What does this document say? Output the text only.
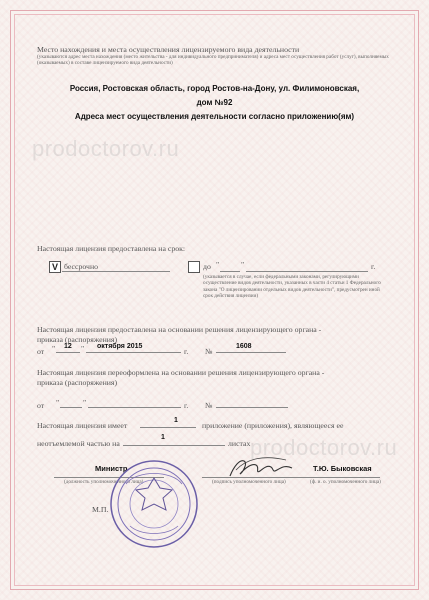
Место нахождения и места осуществления лицензируемого вида деятельности
(указываются адрес места нахождения (место жительства - для индивидуального предпринимателя) и адреса мест осуществления работ (услуг), выполняемых (оказываемых) в составе лицензируемого вида деятельности)
Россия, Ростовская область, город Ростов-на-Дону, ул. Филимоновская,
дом №92
Адреса мест осуществления деятельности согласно приложению(ям)
prodoctorov.ru
Настоящая лицензия предоставлена на срок:
V бессрочно	до "	"	г.
(указывается в случае, если федеральными законами, регулирующими осуществление видов деятельности, указанных в части 4 статьи 1 Федерального закона "О лицензировании отдельных видов деятельности", предусмотрен иной срок действия лицензии)
Настоящая лицензия предоставлена на основании решения лицензирующего органа -
приказа (распоряжения)
от " 12 " октября 2015
г. №
1608
Настоящая лицензия переоформлена на основании решения лицензирующего органа -
приказа (распоряжения)
от "	"	г. №
Настоящая лицензия имеет
1
приложение (приложения), являющееся ее
неотъемлемой частью на
1
листах prodoctorov.ru
Министр
(должность уполномоченного лица)	(подпись уполномоченного лица)
Т.Ю. Быковская
(ф. и. о. уполномоченного лица)
М.П.
